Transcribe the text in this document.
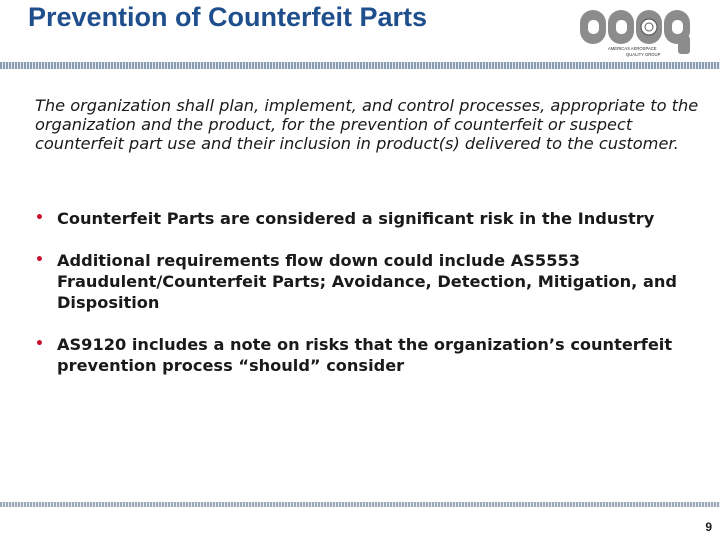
Prevention of Counterfeit Parts
AMERICAS AEROSPACE
QUALITY GROUP
The organization shall plan, implement, and control processes, appropriate to the organization and the product, for the prevention of counterfeit or suspect counterfeit part use and their inclusion in product(s) delivered to the customer.
• Counterfeit Parts are considered a significant risk in the Industry
• Additional requirements flow down could include AS5553 Fraudulent/Counterfeit Parts; Avoidance, Detection, Mitigation, and Disposition
• AS9120 includes a note on risks that the organization’s counterfeit prevention process “should” consider
9
